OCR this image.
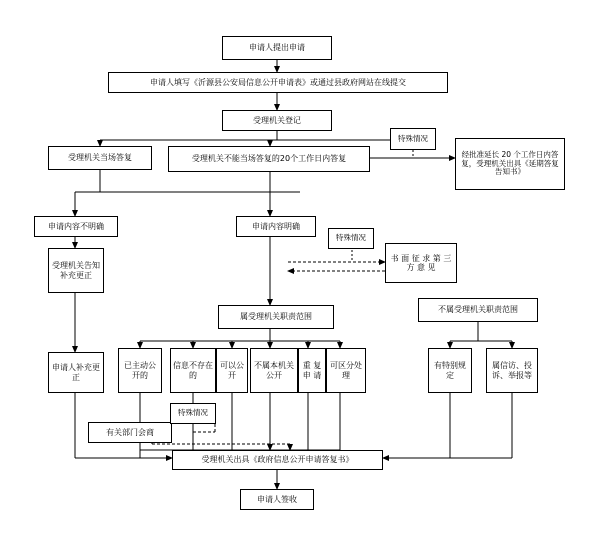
申请人提出申请
申请人填写《沂源县公安局信息公开申请表》或通过县政府网站在线提交
受理机关登记
受理机关当场答复	受理机关不能当场答复的20个工作日内答复	经批准延长 20 个工作日内答复，受理机关出具《延期答复告知书》
特殊情况
申请内容不明确	申请内容明确
特殊情况
书 面 征 求 第 三 方 意 见
受理机关告知补充更正
申请人补充更正
属受理机关职责范围
不属受理机关职责范围
已主动公开的
信息不存在的
可以公开
不属本机关公开
重 复 申 请
可区分处理
有特别规定
属信访、投诉、举报等
特殊情况
有关部门会商
受理机关出具《政府信息公开申请答复书》
申请人签收
